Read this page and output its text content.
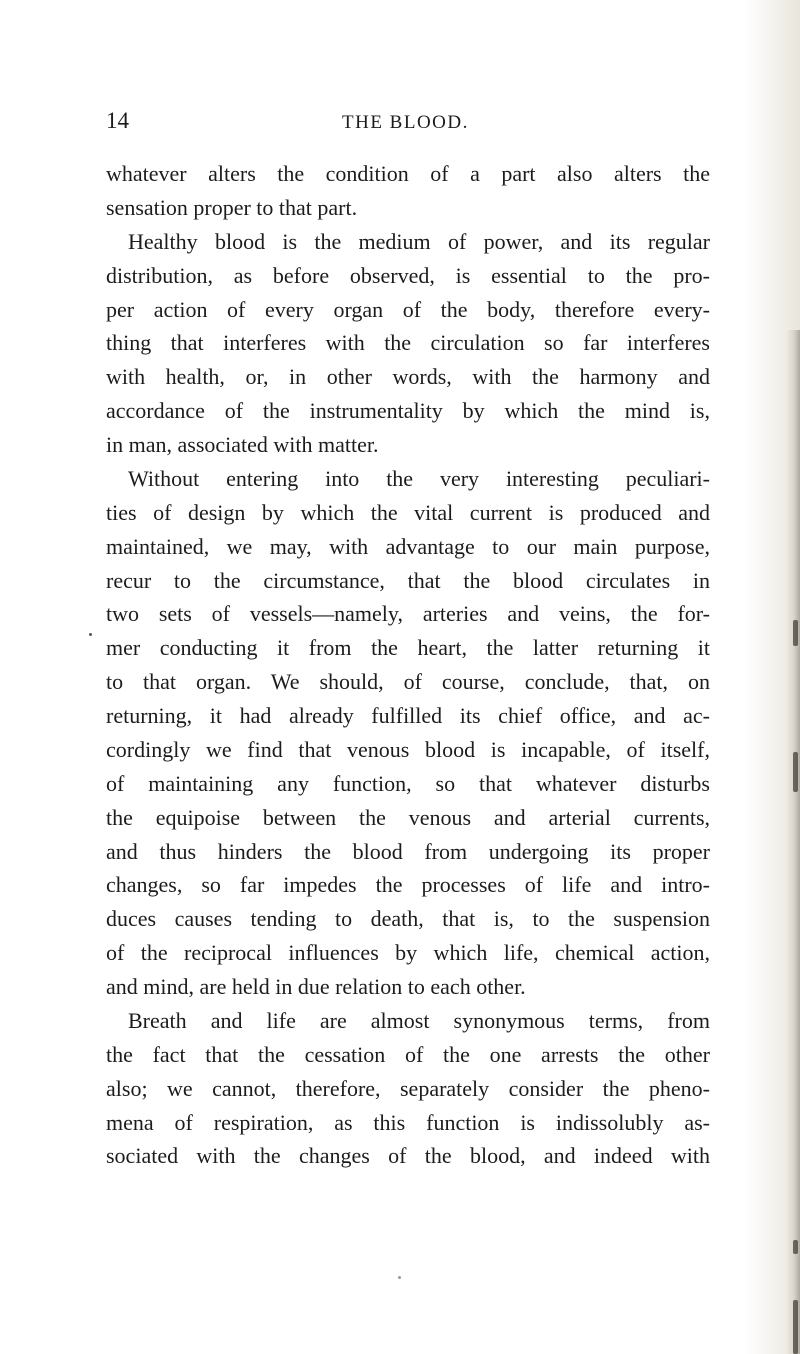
14	THE BLOOD.
whatever alters the condition of a part also alters the
sensation proper to that part.
Healthy blood is the medium of power, and its regular
distribution, as before observed, is essential to the pro-
per action of every organ of the body, therefore every-
thing that interferes with the circulation so far interferes
with health, or, in other words, with the harmony and
accordance of the instrumentality by which the mind is,
in man, associated with matter.
Without entering into the very interesting peculiari-
ties of design by which the vital current is produced and
maintained, we may, with advantage to our main purpose,
recur to the circumstance, that the blood circulates in
two sets of vessels—namely, arteries and veins, the for-
mer conducting it from the heart, the latter returning it
to that organ. We should, of course, conclude, that, on
returning, it had already fulfilled its chief office, and ac-
cordingly we find that venous blood is incapable, of itself,
of maintaining any function, so that whatever disturbs
the equipoise between the venous and arterial currents,
and thus hinders the blood from undergoing its proper
changes, so far impedes the processes of life and intro-
duces causes tending to death, that is, to the suspension
of the reciprocal influences by which life, chemical action,
and mind, are held in due relation to each other.
Breath and life are almost synonymous terms, from
the fact that the cessation of the one arrests the other
also; we cannot, therefore, separately consider the pheno-
mena of respiration, as this function is indissolubly as-
sociated with the changes of the blood, and indeed with
